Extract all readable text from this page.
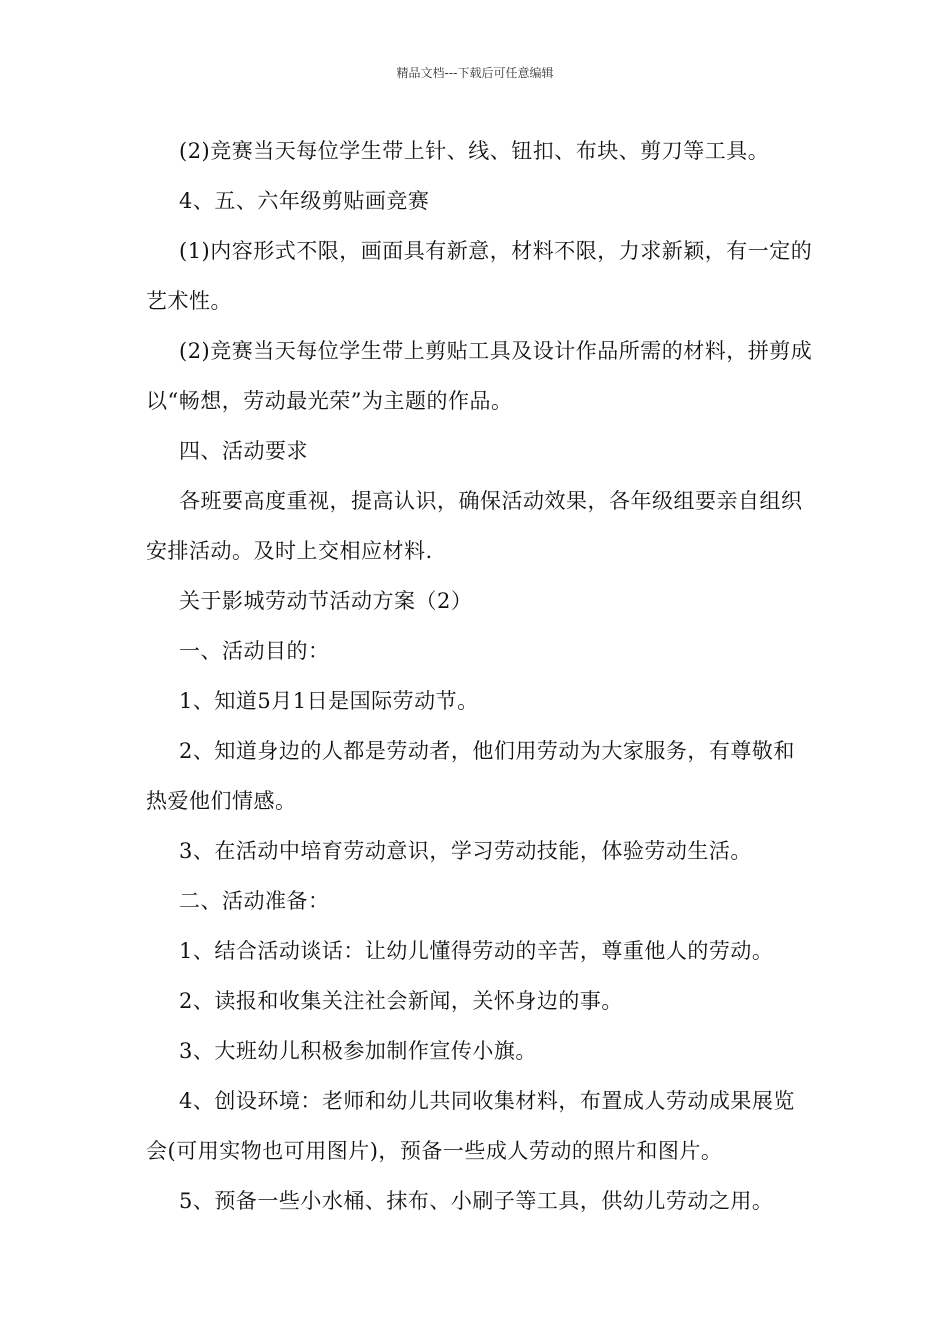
精品文档---下载后可任意编辑

(2)竞赛当天每位学生带上针、线、钮扣、布块、剪刀等工具。

4、五、六年级剪贴画竞赛

(1)内容形式不限，画面具有新意，材料不限，力求新颖，有一定的艺术性。

(2)竞赛当天每位学生带上剪贴工具及设计作品所需的材料，拼剪成以“畅想，劳动最光荣”为主题的作品。

四、活动要求

各班要高度重视，提高认识，确保活动效果，各年级组要亲自组织安排活动。及时上交相应材料.

关于影城劳动节活动方案（2）

一、活动目的：

1、知道5月1日是国际劳动节。

2、知道身边的人都是劳动者，他们用劳动为大家服务，有尊敬和热爱他们情感。

3、在活动中培育劳动意识，学习劳动技能，体验劳动生活。

二、活动准备：

1、结合活动谈话：让幼儿懂得劳动的辛苦，尊重他人的劳动。

2、读报和收集关注社会新闻，关怀身边的事。

3、大班幼儿积极参加制作宣传小旗。

4、创设环境：老师和幼儿共同收集材料，布置成人劳动成果展览会(可用实物也可用图片)，预备一些成人劳动的照片和图片。

5、预备一些小水桶、抹布、小刷子等工具，供幼儿劳动之用。
